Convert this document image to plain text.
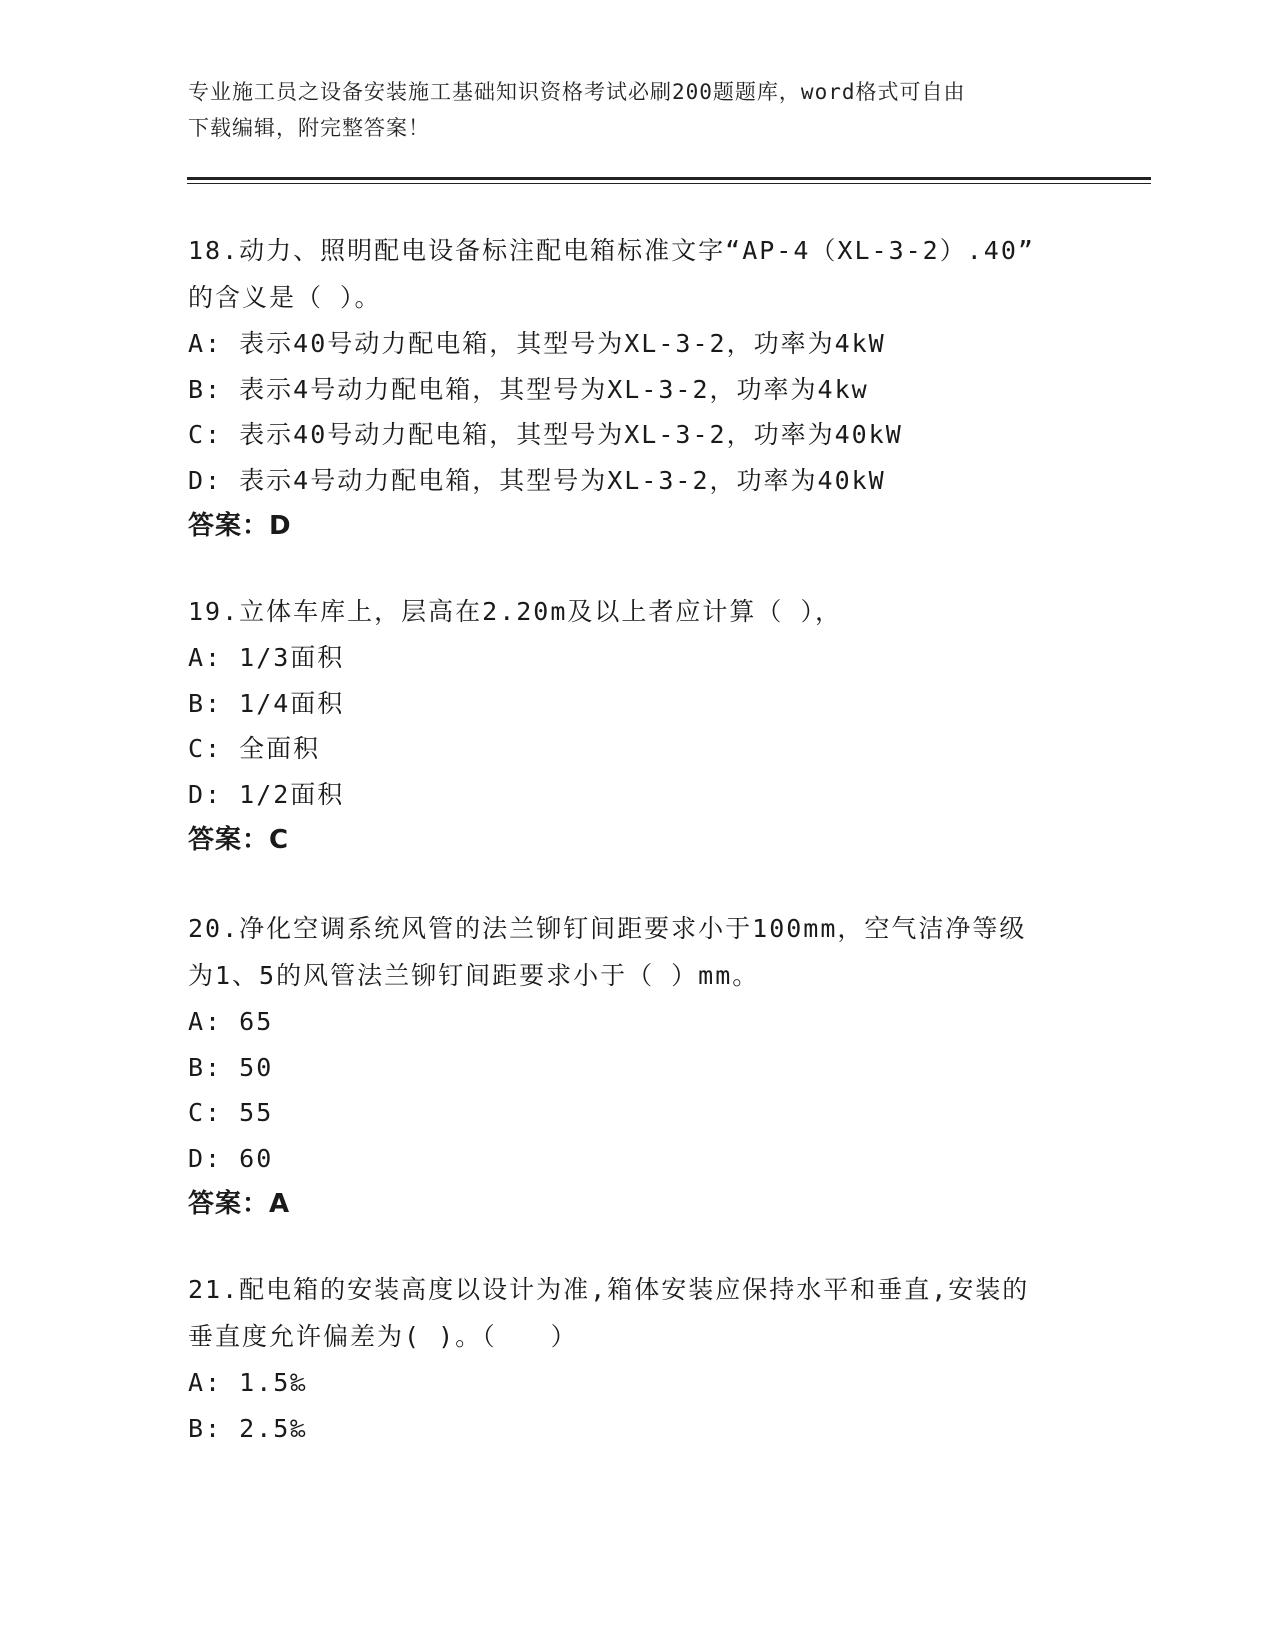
专业施工员之设备安装施工基础知识资格考试必刷200题题库，word格式可自由
下载编辑，附完整答案！

18.动力、照明配电设备标注配电箱标准文字“AP-4（XL-3-2）.40”

的含义是（ ）。

A: 表示40号动力配电箱，其型号为XL-3-2，功率为4kW

B: 表示4号动力配电箱，其型号为XL-3-2，功率为4kw

C: 表示40号动力配电箱，其型号为XL-3-2，功率为40kW

D: 表示4号动力配电箱，其型号为XL-3-2，功率为40kW

答案：D

19.立体车库上，层高在2.20m及以上者应计算（ ），

A: 1/3面积

B: 1/4面积

C: 全面积

D: 1/2面积

答案：C

20.净化空调系统风管的法兰铆钉间距要求小于100mm，空气洁净等级

为1、5的风管法兰铆钉间距要求小于（ ）mm。

A: 65

B: 50

C: 55

D: 60

答案：A

21.配电箱的安装高度以设计为准,箱体安装应保持水平和垂直,安装的

垂直度允许偏差为( )。（　　）

A: 1.5‰

B: 2.5‰
